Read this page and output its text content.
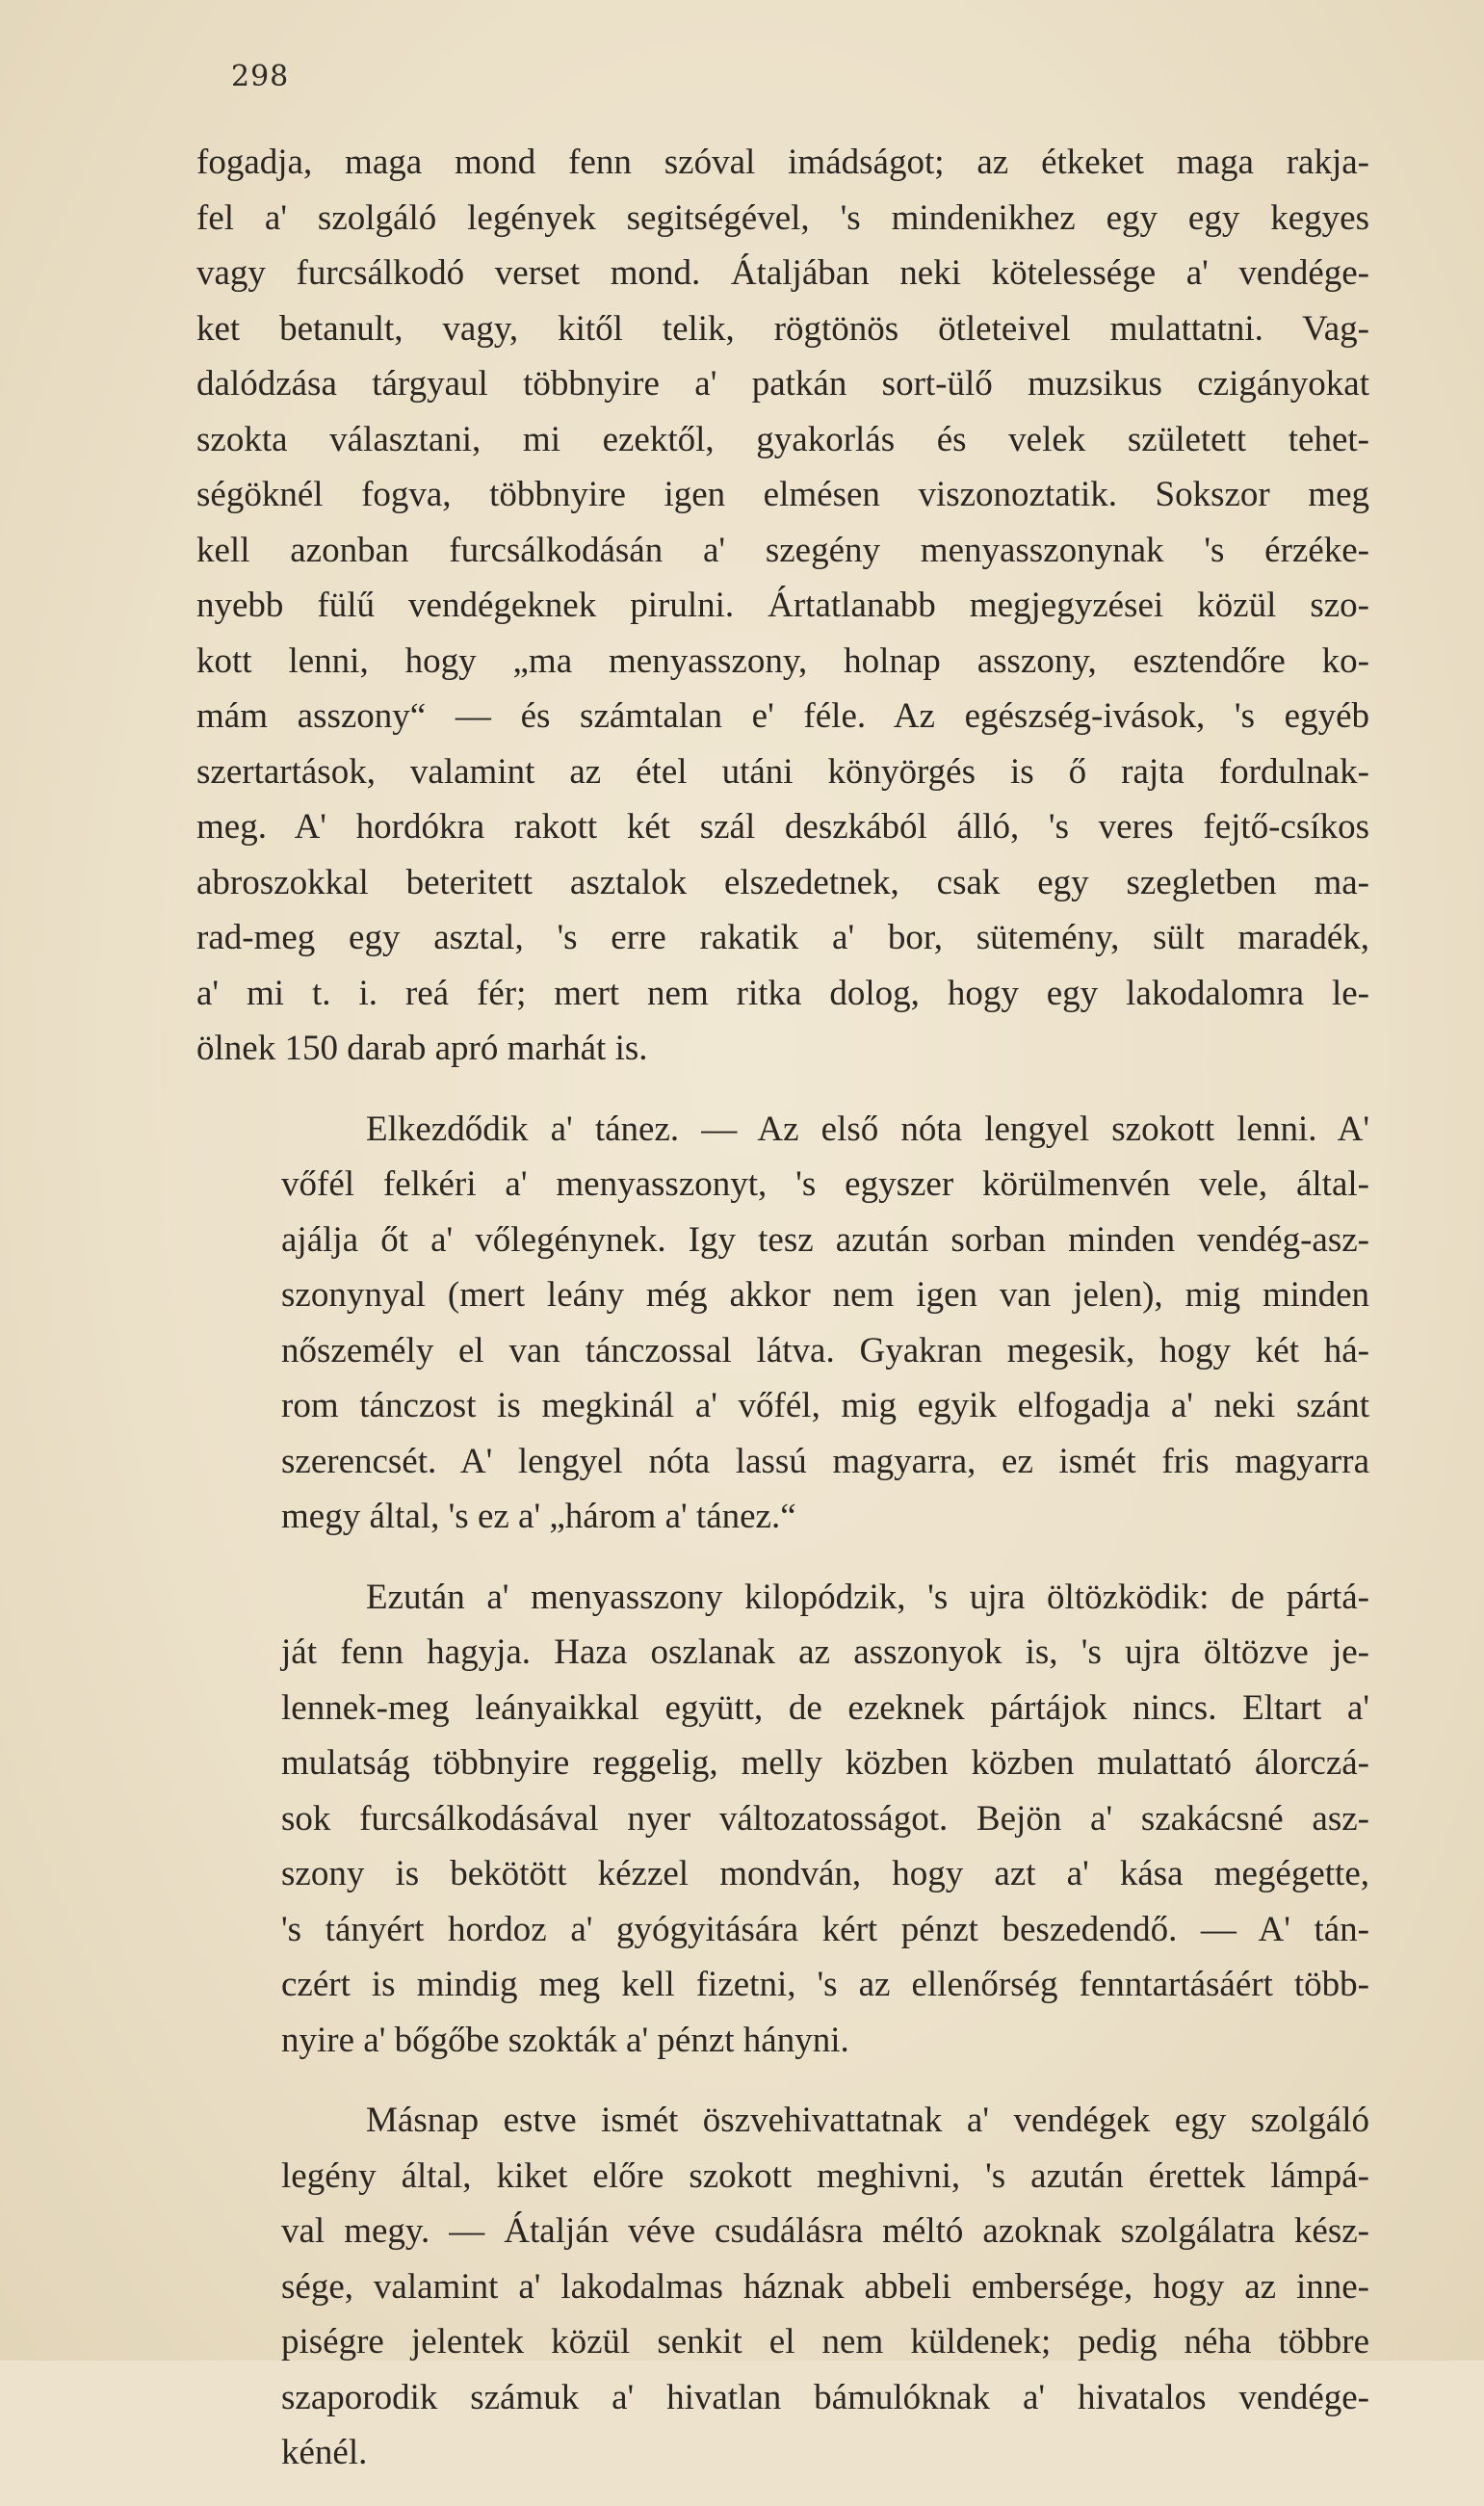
298

fogadja, maga mond fenn szóval imádságot; az étkeket maga rakja-
fel a' szolgáló legények segitségével, 's mindenikhez egy egy kegyes
vagy furcsálkodó verset mond. Átaljában neki kötelessége a' vendége-
ket betanult, vagy, kitől telik, rögtönös ötleteivel mulattatni. Vag-
dalódzása tárgyaul többnyire a' patkán sort-ülő muzsikus czigányokat
szokta választani, mi ezektől, gyakorlás és velek született tehet-
ségöknél fogva, többnyire igen elmésen viszonoztatik. Sokszor meg
kell azonban furcsálkodásán a' szegény menyasszonynak 's érzéke-
nyebb fülű vendégeknek pirulni. Ártatlanabb megjegyzései közül szo-
kott lenni, hogy „ma menyasszony, holnap asszony, esztendőre ko-
mám asszony“ — és számtalan e' féle. Az egészség-ivások, 's egyéb
szertartások, valamint az étel utáni könyörgés is ő rajta fordulnak-
meg. A' hordókra rakott két szál deszkából álló, 's veres fejtő-csíkos
abroszokkal beteritett asztalok elszedetnek, csak egy szegletben ma-
rad-meg egy asztal, 's erre rakatik a' bor, sütemény, sült maradék,
a' mi t. i. reá fér; mert nem ritka dolog, hogy egy lakodalomra le-
ölnek 150 darab apró marhát is.

Elkezdődik a' tánez. — Az első nóta lengyel szokott lenni. A'
vőfél felkéri a' menyasszonyt, 's egyszer körülmenvén vele, által-
ajálja őt a' vőlegénynek. Igy tesz azután sorban minden vendég-asz-
szonynyal (mert leány még akkor nem igen van jelen), mig minden
nőszemély el van tánczossal látva. Gyakran megesik, hogy két há-
rom tánczost is megkinál a' vőfél, mig egyik elfogadja a' neki szánt
szerencsét. A' lengyel nóta lassú magyarra, ez ismét fris magyarra
megy által, 's ez a' „három a' tánez.“

Ezután a' menyasszony kilopódzik, 's ujra öltözködik: de pártá-
ját fenn hagyja. Haza oszlanak az asszonyok is, 's ujra öltözve je-
lennek-meg leányaikkal együtt, de ezeknek pártájok nincs. Eltart a'
mulatság többnyire reggelig, melly közben közben mulattató álorczá-
sok furcsálkodásával nyer változatosságot. Bejön a' szakácsné asz-
szony is bekötött kézzel mondván, hogy azt a' kása megégette,
's tányért hordoz a' gyógyitására kért pénzt beszedendő. — A' tán-
czért is mindig meg kell fizetni, 's az ellenőrség fenntartásáért több-
nyire a' bőgőbe szokták a' pénzt hányni.

Másnap estve ismét öszvehivattatnak a' vendégek egy szolgáló
legény által, kiket előre szokott meghivni, 's azután érettek lámpá-
val megy. — Átalján véve csudálásra méltó azoknak szolgálatra kész-
sége, valamint a' lakodalmas háznak abbeli embersége, hogy az inne-
piségre jelentek közül senkit el nem küldenek; pedig néha többre
szaporodik számuk a' hivatlan bámulóknak a' hivatalos vendége-
kénél.
